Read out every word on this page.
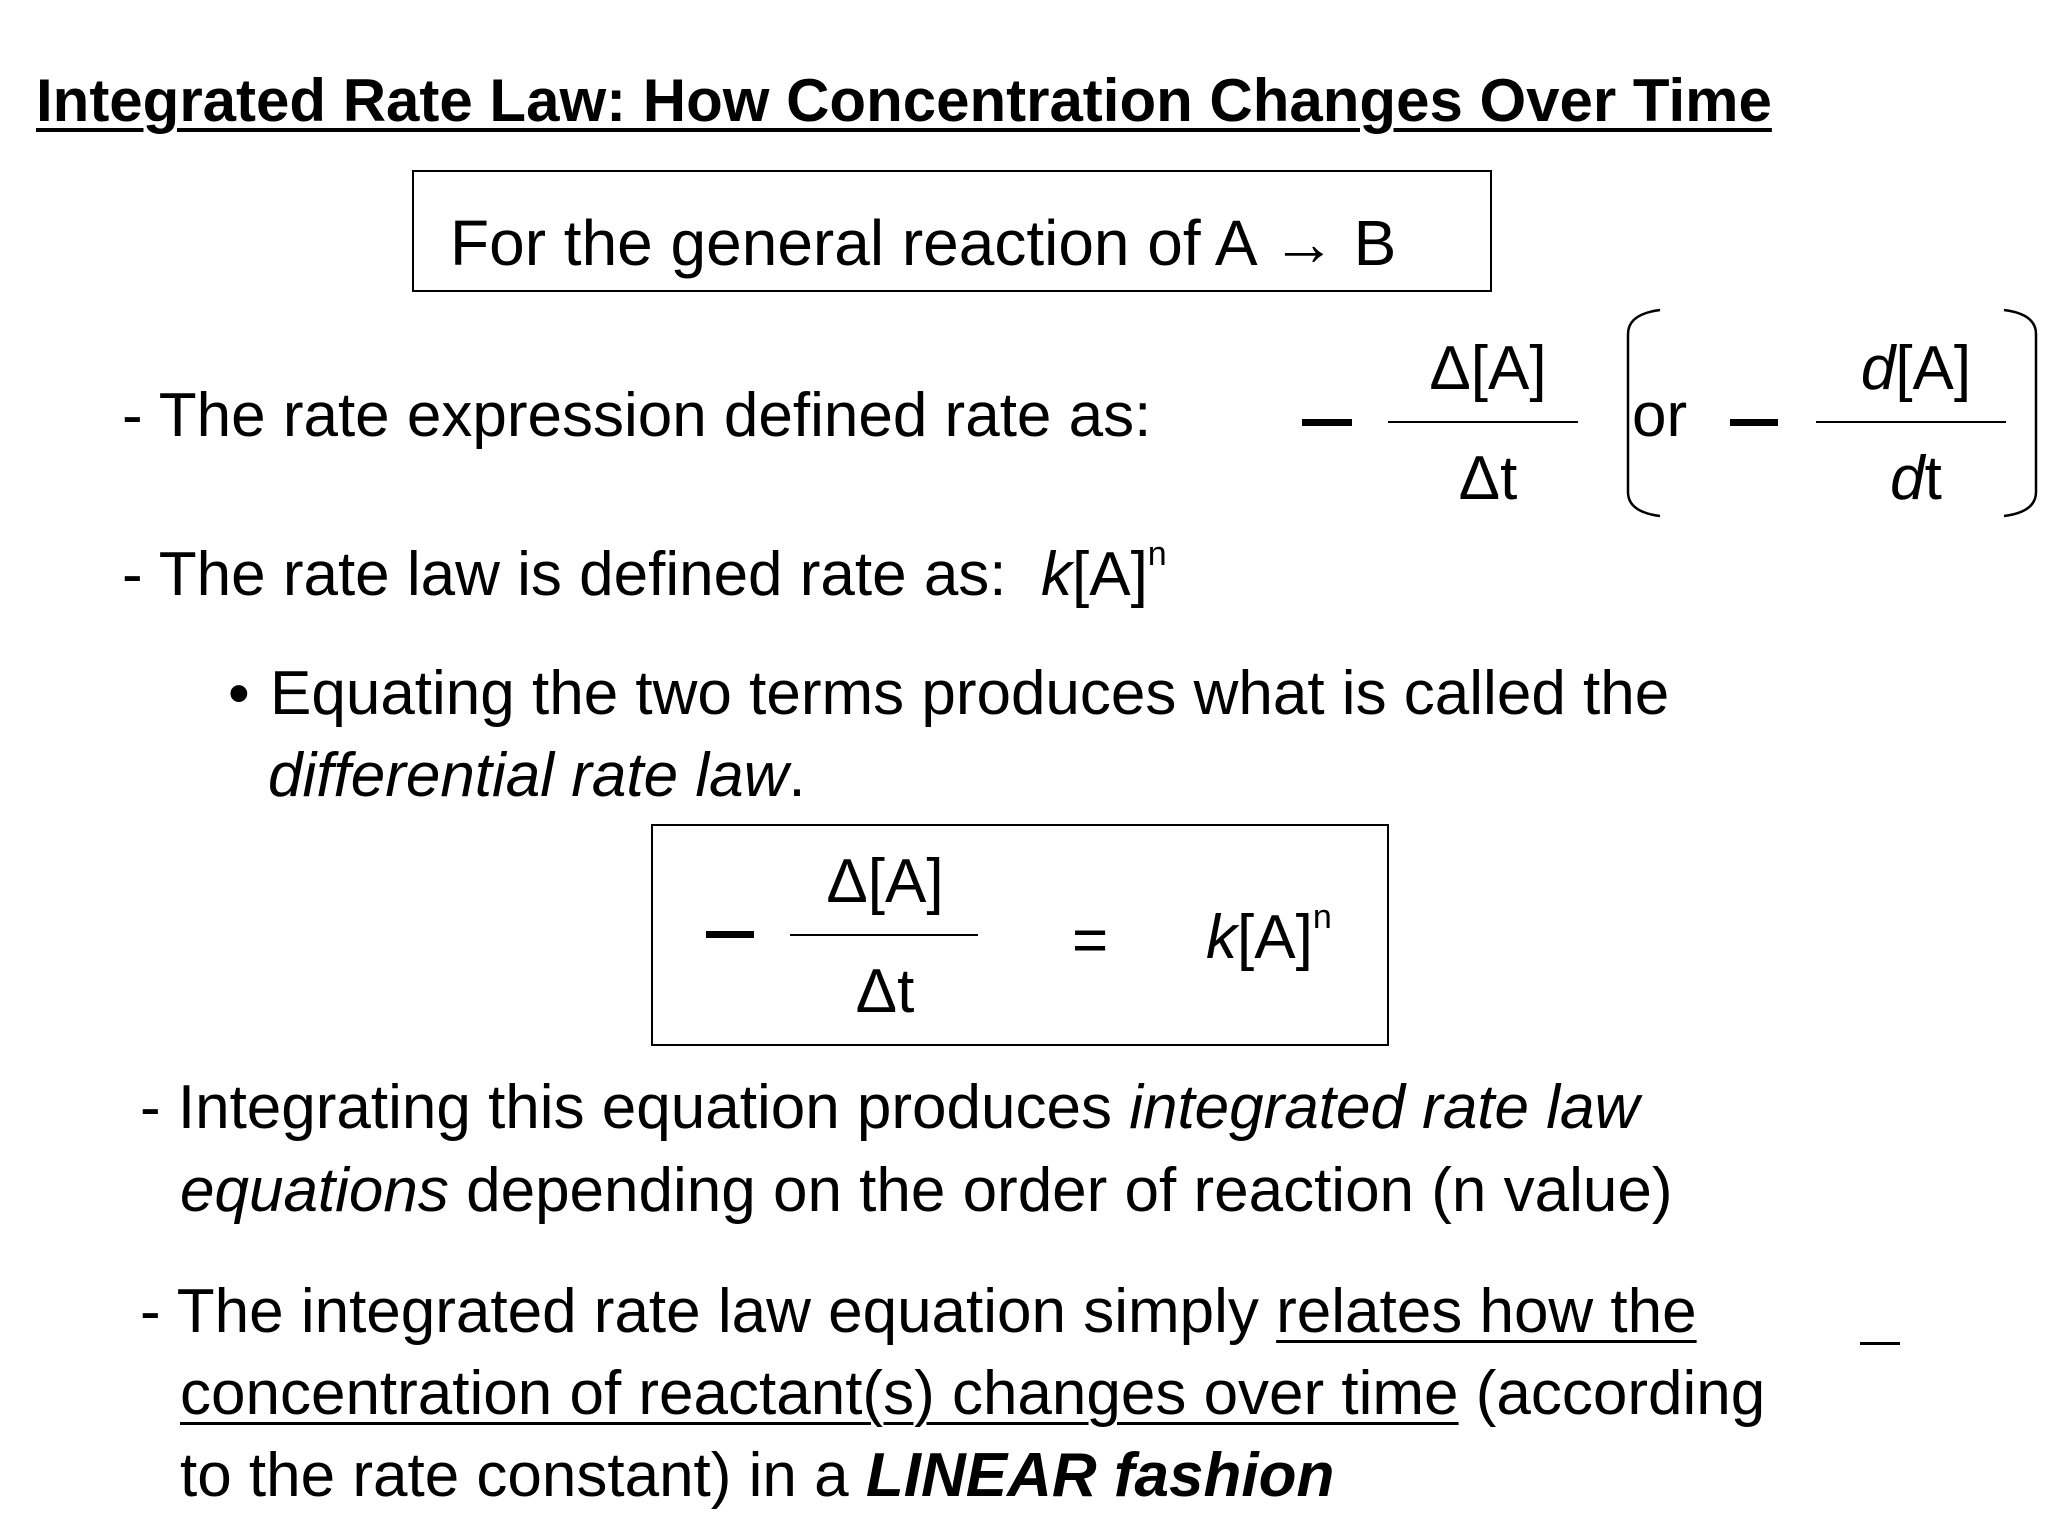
Integrated Rate Law: How Concentration Changes Over Time
For the general reaction of A → B
- The rate expression defined rate as:
Δ[A]
Δt
or
d[A]
dt
- The rate law is defined rate as: $k[A]^n$
• Equating the two terms produces what is called the
differential rate law.
Δ[A]
Δt
= $k[A]^n$
- Integrating this equation produces integrated rate law
equations depending on the order of reaction (n value)
- The integrated rate law equation simply relates how the
concentration of reactant(s) changes over time (according
to the rate constant) in a LINEAR fashion
